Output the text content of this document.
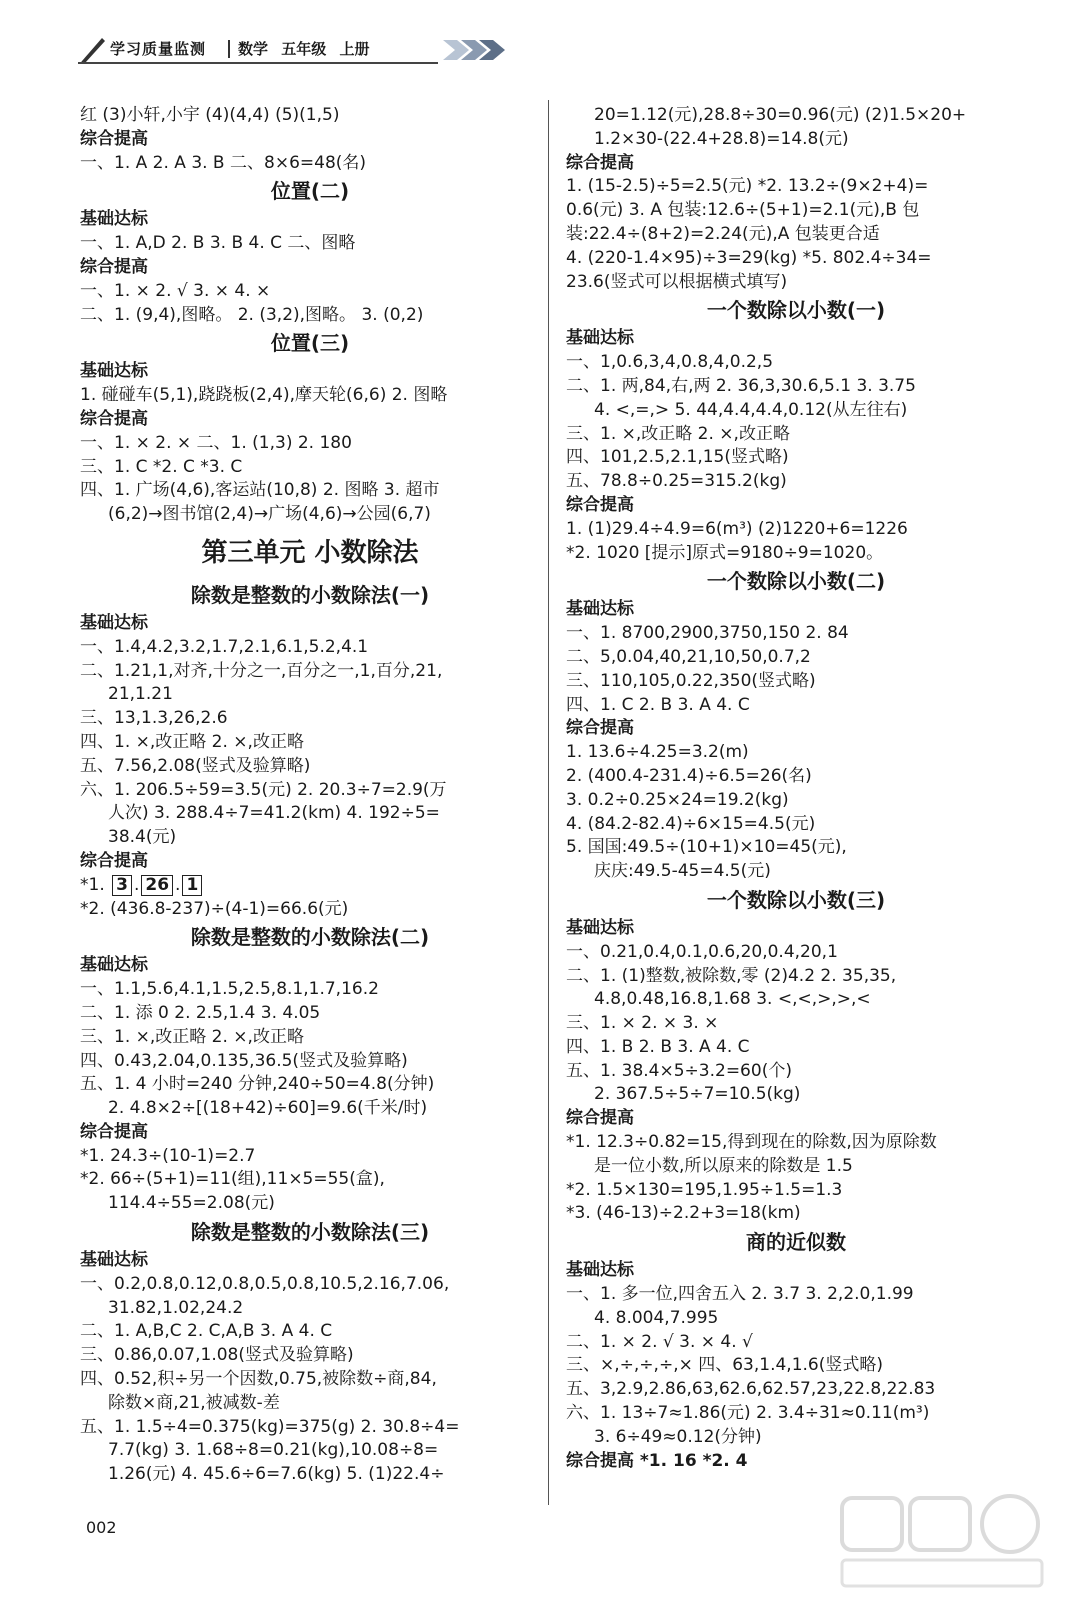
学习质量监测 数学 五年级 上册
红 (3)小轩,小宇 (4)(4,4) (5)(1,5)
综合提高
一、1. A 2. A 3. B 二、8×6=48(名)
位置(二)
基础达标
一、1. A,D 2. B 3. B 4. C 二、图略
综合提高
一、1. × 2. √ 3. × 4. ×
二、1. (9,4),图略。 2. (3,2),图略。 3. (0,2)
位置(三)
基础达标
1. 碰碰车(5,1),跷跷板(2,4),摩天轮(6,6) 2. 图略
综合提高
一、1. × 2. × 二、1. (1,3) 2. 180
三、1. C *2. C *3. C
四、1. 广场(4,6),客运站(10,8) 2. 图略 3. 超市
(6,2)→图书馆(2,4)→广场(4,6)→公园(6,7)
第三单元 小数除法
除数是整数的小数除法(一)
基础达标
一、1.4,4.2,3.2,1.7,2.1,6.1,5.2,4.1
二、1.21,1,对齐,十分之一,百分之一,1,百分,21,
21,1.21
三、13,1.3,26,2.6
四、1. ×,改正略 2. ×,改正略
五、7.56,2.08(竖式及验算略)
六、1. 206.5÷59=3.5(元) 2. 20.3÷7=2.9(万
人次) 3. 288.4÷7=41.2(km) 4. 192÷5=
38.4(元)
综合提高
*1. 3 . 26 . 1
*2. (436.8-237)÷(4-1)=66.6(元)
除数是整数的小数除法(二)
基础达标
一、1.1,5.6,4.1,1.5,2.5,8.1,1.7,16.2
二、1. 添 0 2. 2.5,1.4 3. 4.05
三、1. ×,改正略 2. ×,改正略
四、0.43,2.04,0.135,36.5(竖式及验算略)
五、1. 4 小时=240 分钟,240÷50=4.8(分钟)
2. 4.8×2÷[(18+42)÷60]=9.6(千米/时)
综合提高
*1. 24.3÷(10-1)=2.7
*2. 66÷(5+1)=11(组),11×5=55(盒),
114.4÷55=2.08(元)
除数是整数的小数除法(三)
基础达标
一、0.2,0.8,0.12,0.8,0.5,0.8,10.5,2.16,7.06,
31.82,1.02,24.2
二、1. A,B,C 2. C,A,B 3. A 4. C
三、0.86,0.07,1.08(竖式及验算略)
四、0.52,积÷另一个因数,0.75,被除数÷商,84,
除数×商,21,被减数-差
五、1. 1.5÷4=0.375(kg)=375(g) 2. 30.8÷4=
7.7(kg) 3. 1.68÷8=0.21(kg),10.08÷8=
1.26(元) 4. 45.6÷6=7.6(kg) 5. (1)22.4÷
20=1.12(元),28.8÷30=0.96(元) (2)1.5×20+
1.2×30-(22.4+28.8)=14.8(元)
综合提高
1. (15-2.5)÷5=2.5(元) *2. 13.2÷(9×2+4)=
0.6(元) 3. A 包装:12.6÷(5+1)=2.1(元),B 包
装:22.4÷(8+2)=2.24(元),A 包装更合适
4. (220-1.4×95)÷3=29(kg) *5. 802.4÷34=
23.6(竖式可以根据横式填写)
一个数除以小数(一)
基础达标
一、1,0.6,3,4,0.8,4,0.2,5
二、1. 两,84,右,两 2. 36,3,30.6,5.1 3. 3.75
4. <,=,> 5. 44,4.4,4.4,0.12(从左往右)
三、1. ×,改正略 2. ×,改正略
四、101,2.5,2.1,15(竖式略)
五、78.8÷0.25=315.2(kg)
综合提高
1. (1)29.4÷4.9=6(m³) (2)1220+6=1226
*2. 1020 [提示]原式=9180÷9=1020。
一个数除以小数(二)
基础达标
一、1. 8700,2900,3750,150 2. 84
二、5,0.04,40,21,10,50,0.7,2
三、110,105,0.22,350(竖式略)
四、1. C 2. B 3. A 4. C
综合提高
1. 13.6÷4.25=3.2(m)
2. (400.4-231.4)÷6.5=26(名)
3. 0.2÷0.25×24=19.2(kg)
4. (84.2-82.4)÷6×15=4.5(元)
5. 国国:49.5÷(10+1)×10=45(元),
庆庆:49.5-45=4.5(元)
一个数除以小数(三)
基础达标
一、0.21,0.4,0.1,0.6,20,0.4,20,1
二、1. (1)整数,被除数,零 (2)4.2 2. 35,35,
4.8,0.48,16.8,1.68 3. <,<,>,>,<
三、1. × 2. × 3. ×
四、1. B 2. B 3. A 4. C
五、1. 38.4×5÷3.2=60(个)
2. 367.5÷5÷7=10.5(kg)
综合提高
*1. 12.3÷0.82=15,得到现在的除数,因为原除数
是一位小数,所以原来的除数是 1.5
*2. 1.5×130=195,1.95÷1.5=1.3
*3. (46-13)÷2.2+3=18(km)
商的近似数
基础达标
一、1. 多一位,四舍五入 2. 3.7 3. 2,2.0,1.99
4. 8.004,7.995
二、1. × 2. √ 3. × 4. √
三、×,÷,÷,÷,× 四、63,1.4,1.6(竖式略)
五、3,2.9,2.86,63,62.6,62.57,23,22.8,22.83
六、1. 13÷7≈1.86(元) 2. 3.4÷31≈0.11(m³)
3. 6÷49≈0.12(分钟)
综合提高 *1. 16 *2. 4
002
